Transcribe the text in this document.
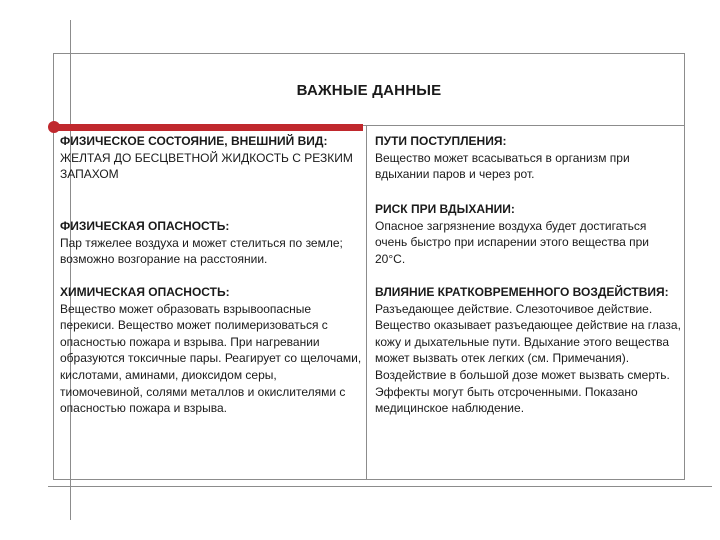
ВАЖНЫЕ ДАННЫЕ

ФИЗИЧЕСКОЕ СОСТОЯНИЕ, ВНЕШНИЙ ВИД:

ЖЕЛТАЯ ДО БЕСЦВЕТНОЙ ЖИДКОСТЬ С РЕЗКИМ ЗАПАХОМ

ФИЗИЧЕСКАЯ ОПАСНОСТЬ:

Пар тяжелее воздуха и может стелиться по земле; возможно возгорание на расстоянии.

ХИМИЧЕСКАЯ ОПАСНОСТЬ:

Вещество может образовать взрывоопасные перекиси. Вещество может полимеризоваться с опасностью пожара и взрыва. При нагревании образуются токсичные пары. Реагирует со щелочами, кислотами, аминами, диоксидом серы, тиомочевиной, солями металлов и окислителями с опасностью пожара и взрыва.

ПУТИ ПОСТУПЛЕНИЯ:

Вещество может всасываться в организм при вдыхании паров и через рот.

РИСК ПРИ ВДЫХАНИИ:

Опасное загрязнение воздуха будет достигаться очень быстро при испарении этого вещества при 20°C.

ВЛИЯНИЕ КРАТКОВРЕМЕННОГО ВОЗДЕЙСТВИЯ:

Разъедающее действие. Слезоточивое действие. Вещество оказывает разъедающее действие на глаза, кожу и дыхательные пути. Вдыхание этого вещества может вызвать отек легких (см. Примечания). Воздействие в большой дозе может вызвать смерть. Эффекты могут быть отсроченными. Показано медицинское наблюдение.
